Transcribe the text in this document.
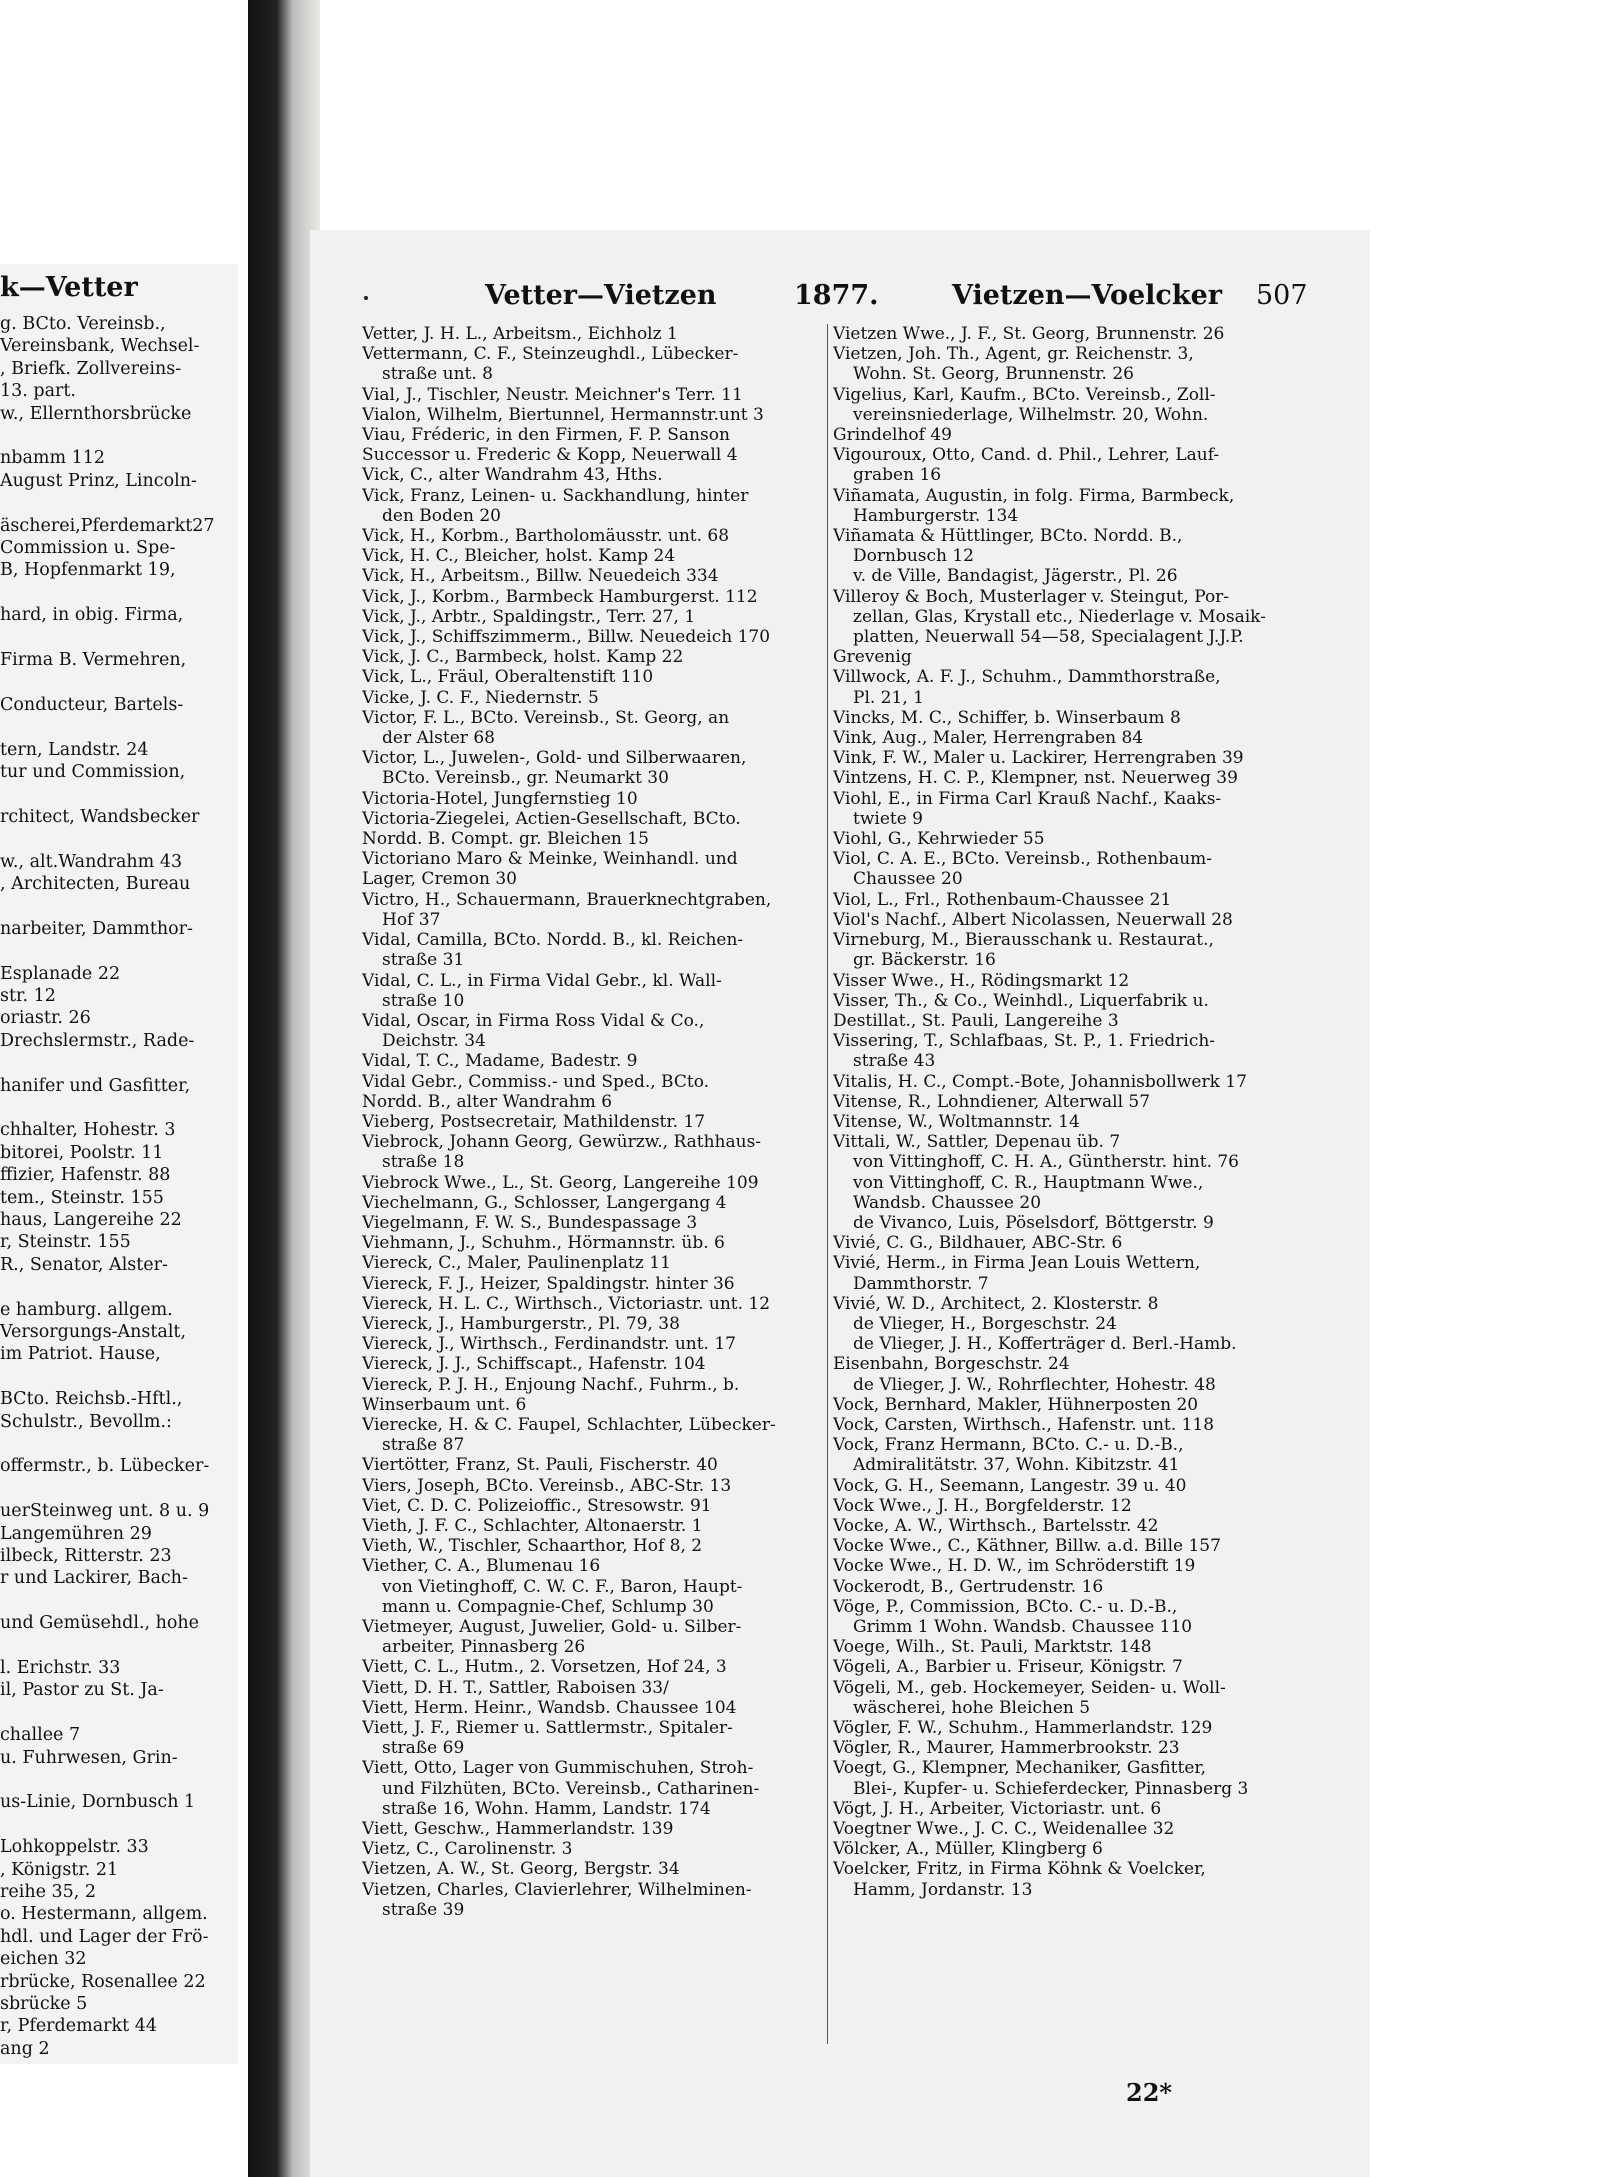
k—Vetter
g. BCto. Vereinsb.,
Vereinsbank, Wechsel-
, Briefk. Zollvereins-
13. part.
w., Ellernthorsbrücke
nbamm 112
August Prinz, Lincoln-
äscherei,Pferdemarkt27
Commission u. Spe-
B, Hopfenmarkt 19,
hard, in obig. Firma,
Firma B. Vermehren,
Conducteur, Bartels-
tern, Landstr. 24
tur und Commission,
rchitect, Wandsbecker
w., alt.Wandrahm 43
, Architecten, Bureau
narbeiter, Dammthor-
Esplanade 22
str. 12
oriastr. 26
Drechslermstr., Rade-
hanifer und Gasfitter,
chhalter, Hohestr. 3
bitorei, Poolstr. 11
ffizier, Hafenstr. 88
tem., Steinstr. 155
haus, Langereihe 22
r, Steinstr. 155
R., Senator, Alster-
e hamburg. allgem.
Versorgungs-Anstalt,
im Patriot. Hause,
BCto. Reichsb.-Hftl.,
Schulstr., Bevollm.:
offermstr., b. Lübecker-
uerSteinweg unt. 8 u. 9
Langemühren 29
ilbeck, Ritterstr. 23
r und Lackirer, Bach-
und Gemüsehdl., hohe
l. Erichstr. 33
il, Pastor zu St. Ja-
challee 7
u. Fuhrwesen, Grin-
us-Linie, Dornbusch 1
Lohkoppelstr. 33
, Königstr. 21
reihe 35, 2
o. Hestermann, allgem.
hdl. und Lager der Frö-
eichen 32
rbrücke, Rosenallee 22
sbrücke 5
r, Pferdemarkt 44
ang 2
Vetter—Vietzen	1877.	Vietzen—Voelcker 507
Vetter, J. H. L., Arbeitsm., Eichholz 1
Vettermann, C. F., Steinzeughdl., Lübecker-
straße unt. 8
Vial, J., Tischler, Neustr. Meichner's Terr. 11
Vialon, Wilhelm, Biertunnel, Hermannstr.unt 3
Viau, Fréderic, in den Firmen, F. P. Sanson
Successor u. Frederic & Kopp, Neuerwall 4
Vick, C., alter Wandrahm 43, Hths.
Vick, Franz, Leinen- u. Sackhandlung, hinter
den Boden 20
Vick, H., Korbm., Bartholomäusstr. unt. 68
Vick, H. C., Bleicher, holst. Kamp 24
Vick, H., Arbeitsm., Billw. Neuedeich 334
Vick, J., Korbm., Barmbeck Hamburgerst. 112
Vick, J., Arbtr., Spaldingstr., Terr. 27, 1
Vick, J., Schiffszimmerm., Billw. Neuedeich 170
Vick, J. C., Barmbeck, holst. Kamp 22
Vick, L., Fräul, Oberaltenstift 110
Vicke, J. C. F., Niedernstr. 5
Victor, F. L., BCto. Vereinsb., St. Georg, an
der Alster 68
Victor, L., Juwelen-, Gold- und Silberwaaren,
BCto. Vereinsb., gr. Neumarkt 30
Victoria-Hotel, Jungfernstieg 10
Victoria-Ziegelei, Actien-Gesellschaft, BCto.
Nordd. B. Compt. gr. Bleichen 15
Victoriano Maro & Meinke, Weinhandl. und
Lager, Cremon 30
Victro, H., Schauermann, Brauerknechtgraben,
Hof 37
Vidal, Camilla, BCto. Nordd. B., kl. Reichen-
straße 31
Vidal, C. L., in Firma Vidal Gebr., kl. Wall-
straße 10
Vidal, Oscar, in Firma Ross Vidal & Co.,
Deichstr. 34
Vidal, T. C., Madame, Badestr. 9
Vidal Gebr., Commiss.- und Sped., BCto.
Nordd. B., alter Wandrahm 6
Vieberg, Postsecretair, Mathildenstr. 17
Viebrock, Johann Georg, Gewürzw., Rathhaus-
straße 18
Viebrock Wwe., L., St. Georg, Langereihe 109
Viechelmann, G., Schlosser, Langergang 4
Viegelmann, F. W. S., Bundespassage 3
Viehmann, J., Schuhm., Hörmannstr. üb. 6
Viereck, C., Maler, Paulinenplatz 11
Viereck, F. J., Heizer, Spaldingstr. hinter 36
Viereck, H. L. C., Wirthsch., Victoriastr. unt. 12
Viereck, J., Hamburgerstr., Pl. 79, 38
Viereck, J., Wirthsch., Ferdinandstr. unt. 17
Viereck, J. J., Schiffscapt., Hafenstr. 104
Viereck, P. J. H., Enjoung Nachf., Fuhrm., b.
Winserbaum unt. 6
Vierecke, H. & C. Faupel, Schlachter, Lübecker-
straße 87
Viertötter, Franz, St. Pauli, Fischerstr. 40
Viers, Joseph, BCto. Vereinsb., ABC-Str. 13
Viet, C. D. C. Polizeioffic., Stresowstr. 91
Vieth, J. F. C., Schlachter, Altonaerstr. 1
Vieth, W., Tischler, Schaarthor, Hof 8, 2
Viether, C. A., Blumenau 16
von Vietinghoff, C. W. C. F., Baron, Haupt-
mann u. Compagnie-Chef, Schlump 30
Vietmeyer, August, Juwelier, Gold- u. Silber-
arbeiter, Pinnasberg 26
Viett, C. L., Hutm., 2. Vorsetzen, Hof 24, 3
Viett, D. H. T., Sattler, Raboisen 33/
Viett, Herm. Heinr., Wandsb. Chaussee 104
Viett, J. F., Riemer u. Sattlermstr., Spitaler-
straße 69
Viett, Otto, Lager von Gummischuhen, Stroh-
und Filzhüten, BCto. Vereinsb., Catharinen-
straße 16, Wohn. Hamm, Landstr. 174
Viett, Geschw., Hammerlandstr. 139
Vietz, C., Carolinenstr. 3
Vietzen, A. W., St. Georg, Bergstr. 34
Vietzen, Charles, Clavierlehrer, Wilhelminen-
straße 39
Vietzen Wwe., J. F., St. Georg, Brunnenstr. 26
Vietzen, Joh. Th., Agent, gr. Reichenstr. 3,
Wohn. St. Georg, Brunnenstr. 26
Vigelius, Karl, Kaufm., BCto. Vereinsb., Zoll-
vereinsniederlage, Wilhelmstr. 20, Wohn.
Grindelhof 49
Vigouroux, Otto, Cand. d. Phil., Lehrer, Lauf-
graben 16
Viñamata, Augustin, in folg. Firma, Barmbeck,
Hamburgerstr. 134
Viñamata & Hüttlinger, BCto. Nordd. B.,
Dornbusch 12
v. de Ville, Bandagist, Jägerstr., Pl. 26
Villeroy & Boch, Musterlager v. Steingut, Por-
zellan, Glas, Krystall etc., Niederlage v. Mosaik-
platten, Neuerwall 54—58, Specialagent J.J.P.
Grevenig
Villwock, A. F. J., Schuhm., Dammthorstraße,
Pl. 21, 1
Vincks, M. C., Schiffer, b. Winserbaum 8
Vink, Aug., Maler, Herrengraben 84
Vink, F. W., Maler u. Lackirer, Herrengraben 39
Vintzens, H. C. P., Klempner, nst. Neuerweg 39
Viohl, E., in Firma Carl Krauß Nachf., Kaaks-
twiete 9
Viohl, G., Kehrwieder 55
Viol, C. A. E., BCto. Vereinsb., Rothenbaum-
Chaussee 20
Viol, L., Frl., Rothenbaum-Chaussee 21
Viol's Nachf., Albert Nicolassen, Neuerwall 28
Virneburg, M., Bierausschank u. Restaurat.,
gr. Bäckerstr. 16
Visser Wwe., H., Rödingsmarkt 12
Visser, Th., & Co., Weinhdl., Liquerfabrik u.
Destillat., St. Pauli, Langereihe 3
Vissering, T., Schlafbaas, St. P., 1. Friedrich-
straße 43
Vitalis, H. C., Compt.-Bote, Johannisbollwerk 17
Vitense, R., Lohndiener, Alterwall 57
Vitense, W., Woltmannstr. 14
Vittali, W., Sattler, Depenau üb. 7
von Vittinghoff, C. H. A., Güntherstr. hint. 76
von Vittinghoff, C. R., Hauptmann Wwe.,
Wandsb. Chaussee 20
de Vivanco, Luis, Pöselsdorf, Böttgerstr. 9
Vivié, C. G., Bildhauer, ABC-Str. 6
Vivié, Herm., in Firma Jean Louis Wettern,
Dammthorstr. 7
Vivié, W. D., Architect, 2. Klosterstr. 8
de Vlieger, H., Borgeschstr. 24
de Vlieger, J. H., Kofferträger d. Berl.-Hamb.
Eisenbahn, Borgeschstr. 24
de Vlieger, J. W., Rohrflechter, Hohestr. 48
Vock, Bernhard, Makler, Hühnerposten 20
Vock, Carsten, Wirthsch., Hafenstr. unt. 118
Vock, Franz Hermann, BCto. C.- u. D.-B.,
Admiralitätstr. 37, Wohn. Kibitzstr. 41
Vock, G. H., Seemann, Langestr. 39 u. 40
Vock Wwe., J. H., Borgfelderstr. 12
Vocke, A. W., Wirthsch., Bartelsstr. 42
Vocke Wwe., C., Käthner, Billw. a.d. Bille 157
Vocke Wwe., H. D. W., im Schröderstift 19
Vockerodt, B., Gertrudenstr. 16
Vöge, P., Commission, BCto. C.- u. D.-B.,
Grimm 1 Wohn. Wandsb. Chaussee 110
Voege, Wilh., St. Pauli, Marktstr. 148
Vögeli, A., Barbier u. Friseur, Königstr. 7
Vögeli, M., geb. Hockemeyer, Seiden- u. Woll-
wäscherei, hohe Bleichen 5
Vögler, F. W., Schuhm., Hammerlandstr. 129
Vögler, R., Maurer, Hammerbrookstr. 23
Voegt, G., Klempner, Mechaniker, Gasfitter,
Blei-, Kupfer- u. Schieferdecker, Pinnasberg 3
Vögt, J. H., Arbeiter, Victoriastr. unt. 6
Voegtner Wwe., J. C. C., Weidenallee 32
Völcker, A., Müller, Klingberg 6
Voelcker, Fritz, in Firma Köhnk & Voelcker,
Hamm, Jordanstr. 13
22*
